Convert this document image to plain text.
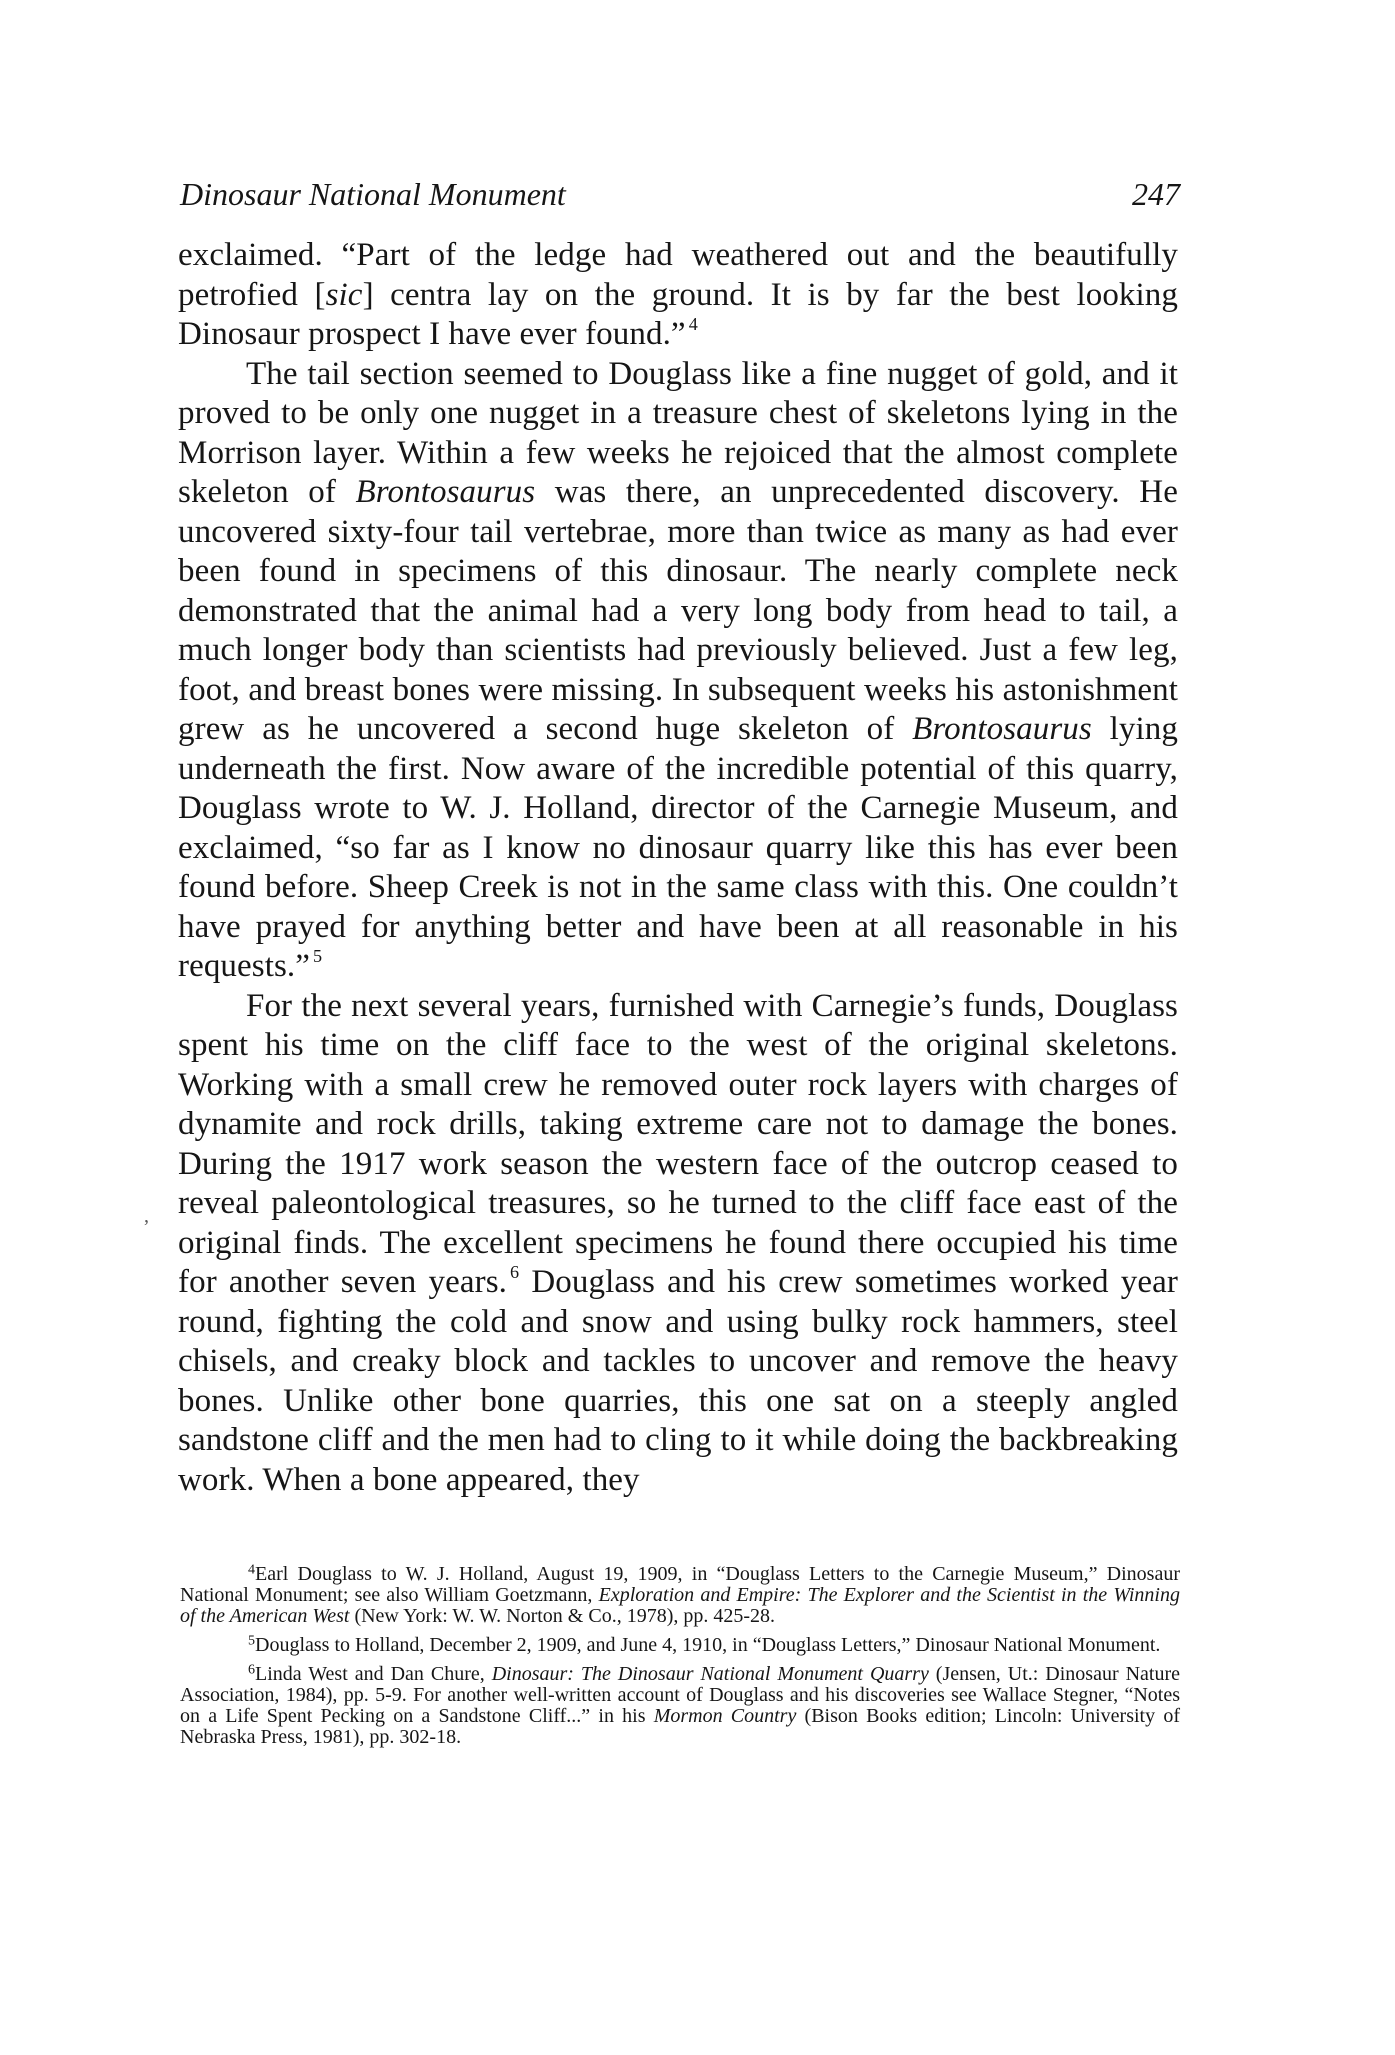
Dinosaur National Monument	247

exclaimed. “Part of the ledge had weathered out and the beautifully petrofied [sic] centra lay on the ground. It is by far the best looking Dinosaur prospect I have ever found.” $^4$

The tail section seemed to Douglass like a fine nugget of gold, and it proved to be only one nugget in a treasure chest of skeletons lying in the Morrison layer. Within a few weeks he rejoiced that the almost complete skeleton of Brontosaurus was there, an unprecedented discovery. He uncovered sixty-four tail vertebrae, more than twice as many as had ever been found in specimens of this dinosaur. The nearly complete neck demonstrated that the animal had a very long body from head to tail, a much longer body than scientists had previously believed. Just a few leg, foot, and breast bones were missing. In subsequent weeks his astonishment grew as he uncovered a second huge skeleton of Brontosaurus lying underneath the first. Now aware of the incredible potential of this quarry, Douglass wrote to W. J. Holland, director of the Carnegie Museum, and exclaimed, “so far as I know no dinosaur quarry like this has ever been found before. Sheep Creek is not in the same class with this. One couldn’t have prayed for anything better and have been at all reasonable in his requests.” $^5$

For the next several years, furnished with Carnegie’s funds, Douglass spent his time on the cliff face to the west of the original skeletons. Working with a small crew he removed outer rock layers with charges of dynamite and rock drills, taking extreme care not to damage the bones. During the 1917 work season the western face of the outcrop ceased to reveal paleontological treasures, so he turned to the cliff face east of the original finds. The excellent specimens he found there occupied his time for another seven years. $^6$ Douglass and his crew sometimes worked year round, fighting the cold and snow and using bulky rock hammers, steel chisels, and creaky block and tackles to uncover and remove the heavy bones. Unlike other bone quarries, this one sat on a steeply angled sandstone cliff and the men had to cling to it while doing the backbreaking work. When a bone appeared, they

,

$^4$Earl Douglass to W. J. Holland, August 19, 1909, in “Douglass Letters to the Carnegie Museum,” Dinosaur National Monument; see also William Goetzmann, Exploration and Empire: The Explorer and the Scientist in the Winning of the American West (New York: W. W. Norton & Co., 1978), pp. 425-28.

$^5$Douglass to Holland, December 2, 1909, and June 4, 1910, in “Douglass Letters,” Dinosaur National Monument.

$^6$Linda West and Dan Chure, Dinosaur: The Dinosaur National Monument Quarry (Jensen, Ut.: Dinosaur Nature Association, 1984), pp. 5-9. For another well-written account of Douglass and his discoveries see Wallace Stegner, “Notes on a Life Spent Pecking on a Sandstone Cliff...” in his Mormon Country (Bison Books edition; Lincoln: University of Nebraska Press, 1981), pp. 302-18.
